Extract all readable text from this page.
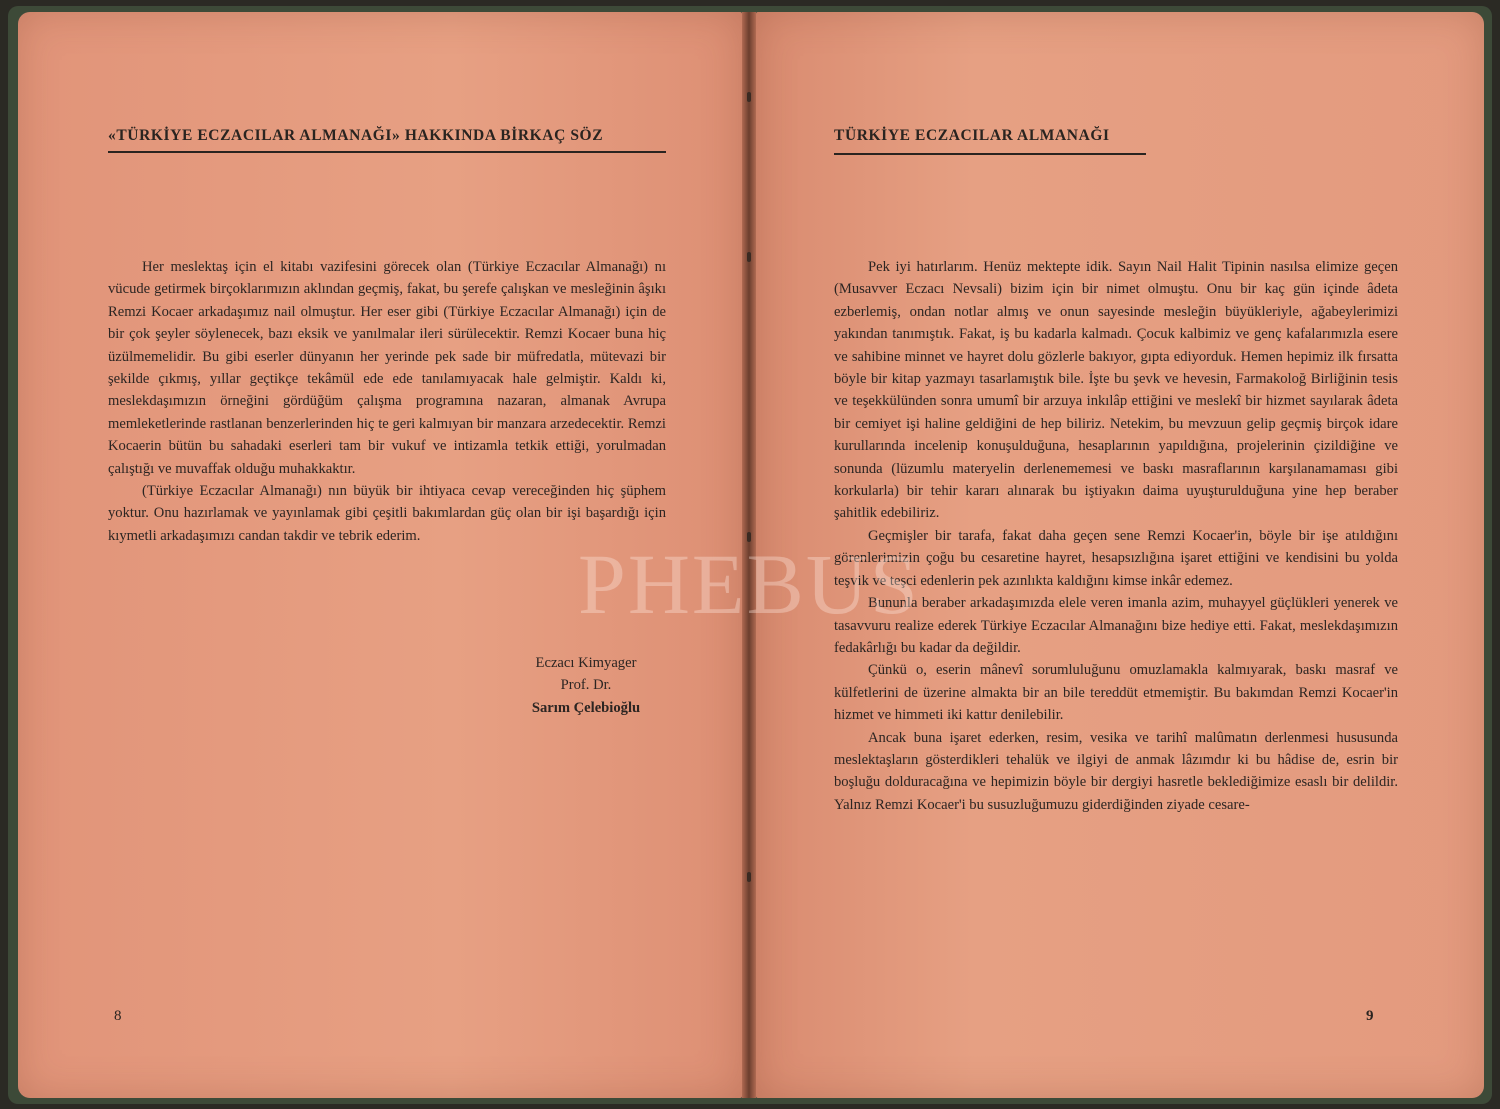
«TÜRKİYE ECZACILAR ALMANAĞI» HAKKINDA BİRKAÇ SÖZ

Her meslektaş için el kitabı vazifesini görecek olan (Türkiye Eczacılar Almanağı) nı vücude getirmek birçoklarımızın aklından geçmiş, fakat, bu şerefe çalışkan ve mesleğinin âşıkı Remzi Kocaer arkadaşımız nail olmuştur. Her eser gibi (Türkiye Eczacılar Almanağı) için de bir çok şeyler söylenecek, bazı eksik ve yanılmalar ileri sürülecektir. Remzi Kocaer buna hiç üzülmemelidir. Bu gibi eserler dünyanın her yerinde pek sade bir müfredatla, mütevazi bir şekilde çıkmış, yıllar geçtikçe tekâmül ede ede tanılamıyacak hale gelmiştir. Kaldı ki, meslekdaşımızın örneğini gördüğüm çalışma programına nazaran, almanak Avrupa memleketlerinde rastlanan benzerlerinden hiç te geri kalmıyan bir manzara arzedecektir. Remzi Kocaerin bütün bu sahadaki eserleri tam bir vukuf ve intizamla tetkik ettiği, yorulmadan çalıştığı ve muvaffak olduğu muhakkaktır.

(Türkiye Eczacılar Almanağı) nın büyük bir ihtiyaca cevap vereceğinden hiç şüphem yoktur. Onu hazırlamak ve yayınlamak gibi çeşitli bakımlardan güç olan bir işi başardığı için kıymetli arkadaşımızı candan takdir ve tebrik ederim.

Eczacı Kimyager
Prof. Dr.
Sarım Çelebioğlu
8
TÜRKİYE ECZACILAR ALMANAĞI

Pek iyi hatırlarım. Henüz mektepte idik. Sayın Nail Halit Tipinin nasılsa elimize geçen (Musavver Eczacı Nevsali) bizim için bir nimet olmuştu. Onu bir kaç gün içinde âdeta ezberlemiş, ondan notlar almış ve onun sayesinde mesleğin büyükleriyle, ağabeylerimizi yakından tanımıştık. Fakat, iş bu kadarla kalmadı. Çocuk kalbimiz ve genç kafalarımızla esere ve sahibine minnet ve hayret dolu gözlerle bakıyor, gıpta ediyorduk. Hemen hepimiz ilk fırsatta böyle bir kitap yazmayı tasarlamıştık bile. İşte bu şevk ve hevesin, Farmakoloğ Birliğinin tesis ve teşekkülünden sonra umumî bir arzuya inkılâp ettiğini ve meslekî bir hizmet sayılarak âdeta bir cemiyet işi haline geldiğini de hep biliriz. Netekim, bu mevzuun gelip geçmiş birçok idare kurullarında incelenip konuşulduğuna, hesaplarının yapıldığına, projelerinin çizildiğine ve sonunda (lüzumlu materyelin derlenememesi ve baskı masraflarının karşılanamaması gibi korkularla) bir tehir kararı alınarak bu iştiyakın daima uyuşturulduğuna yine hep beraber şahitlik edebiliriz.

Geçmişler bir tarafa, fakat daha geçen sene Remzi Kocaer'in, böyle bir işe atıldığını görenlerimizin çoğu bu cesaretine hayret, hesapsızlığına işaret ettiğini ve kendisini bu yolda teşvik ve teşci edenlerin pek azınlıkta kaldığını kimse inkâr edemez.

Bununla beraber arkadaşımızda elele veren imanla azim, muhayyel güçlükleri yenerek ve tasavvuru realize ederek Türkiye Eczacılar Almanağını bize hediye etti. Fakat, meslekdaşımızın fedakârlığı bu kadar da değildir.

Çünkü o, eserin mânevî sorumluluğunu omuzlamakla kalmıyarak, baskı masraf ve külfetlerini de üzerine almakta bir an bile tereddüt etmemiştir. Bu bakımdan Remzi Kocaer'in hizmet ve himmeti iki kattır denilebilir.

Ancak buna işaret ederken, resim, vesika ve tarihî malûmatın derlenmesi hususunda meslektaşların gösterdikleri tehalük ve ilgiyi de anmak lâzımdır ki bu hâdise de, esrin bir boşluğu dolduracağına ve hepimizin böyle bir dergiyi hasretle beklediğimize esaslı bir delildir. Yalnız Remzi Kocaer'i bu susuzluğumuzu giderdiğinden ziyade cesare-

9
PHEBUS
